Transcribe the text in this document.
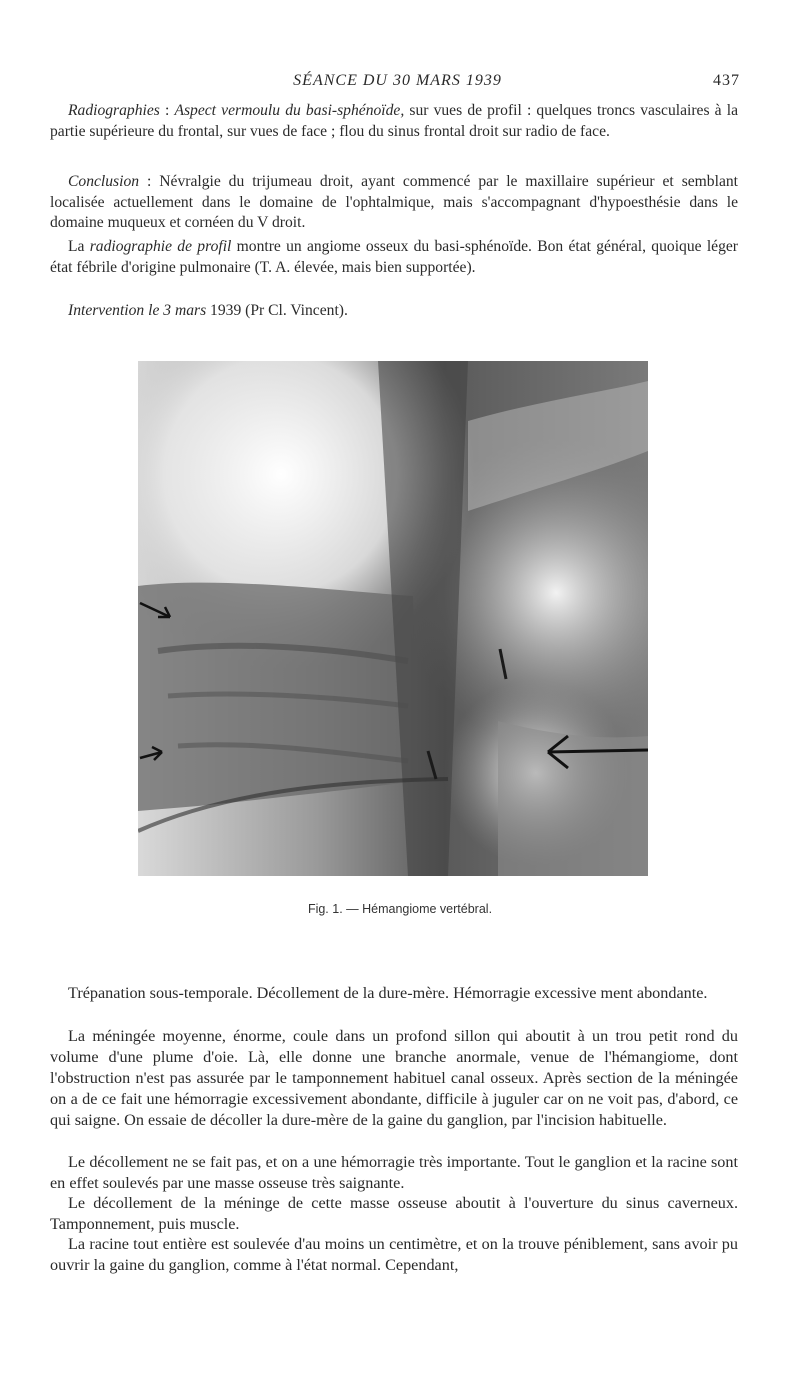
SÉANCE DU 30 MARS 1939	437

Radiographies : Aspect vermoulu du basi-sphénoïde, sur vues de profil : quelques troncs vasculaires à la partie supérieure du frontal, sur vues de face ; flou du sinus frontal droit sur radio de face.

Conclusion : Névralgie du trijumeau droit, ayant commencé par le maxillaire supérieur et semblant localisée actuellement dans le domaine de l'ophtalmique, mais s'accompagnant d'hypoesthésie dans le domaine muqueux et cornéen du V droit.

La radiographie de profil montre un angiome osseux du basi-sphénoïde. Bon état général, quoique léger état fébrile d'origine pulmonaire (T. A. élevée, mais bien supportée).

Intervention le 3 mars 1939 (Pr Cl. Vincent).

Fig. 1. — Hémangiome vertébral.

Trépanation sous-temporale. Décollement de la dure-mère. Hémorragie excessive ment abondante.

La méningée moyenne, énorme, coule dans un profond sillon qui aboutit à un trou petit rond du volume d'une plume d'oie. Là, elle donne une branche anormale, venue de l'hémangiome, dont l'obstruction n'est pas assurée par le tamponnement habituel canal osseux. Après section de la méningée on a de ce fait une hémorragie excessivement abondante, difficile à juguler car on ne voit pas, d'abord, ce qui saigne. On essaie de décoller la dure-mère de la gaine du ganglion, par l'incision habituelle.

Le décollement ne se fait pas, et on a une hémorragie très importante. Tout le ganglion et la racine sont en effet soulevés par une masse osseuse très saignante.

Le décollement de la méninge de cette masse osseuse aboutit à l'ouverture du sinus caverneux. Tamponnement, puis muscle.

La racine tout entière est soulevée d'au moins un centimètre, et on la trouve péniblement, sans avoir pu ouvrir la gaine du ganglion, comme à l'état normal. Cependant,
